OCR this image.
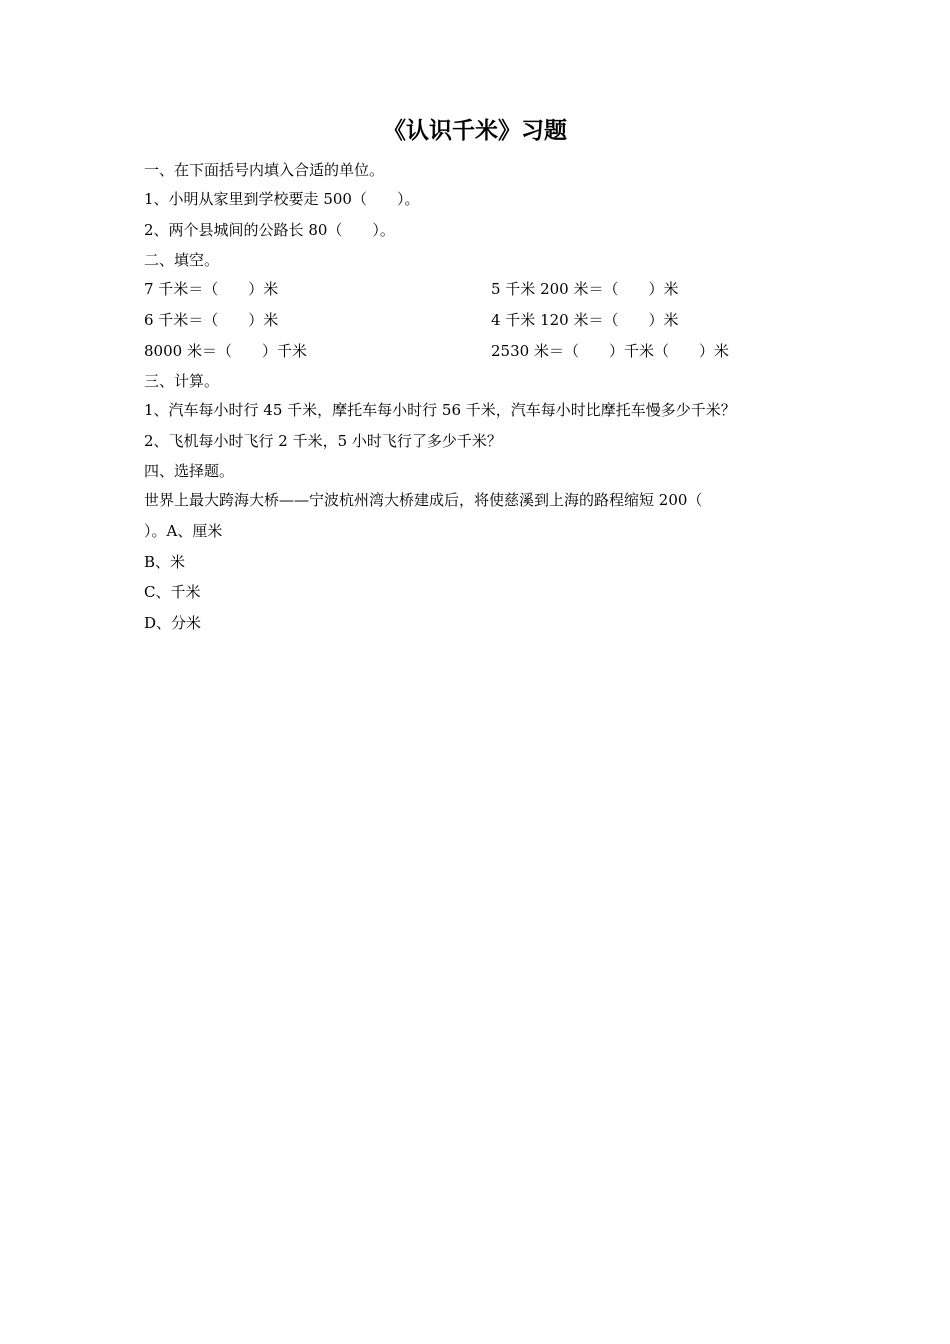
《认识千米》习题
一、在下面括号内填入合适的单位。
1、小明从家里到学校要走 500（　　）。
2、两个县城间的公路长 80（　　）。
二、填空。
7 千米＝（　　）米	5 千米 200 米＝（　　）米
6 千米＝（　　）米	4 千米 120 米＝（　　）米
8000 米＝（　　）千米	2530 米＝（　　）千米（　　）米
三、计算。
1、汽车每小时行 45 千米，摩托车每小时行 56 千米，汽车每小时比摩托车慢多少千米？
2、飞机每小时飞行 2 千米，5 小时飞行了多少千米？
四、选择题。
世界上最大跨海大桥——宁波杭州湾大桥建成后，将使慈溪到上海的路程缩短 200（
）。A、厘米
B、米
C、千米
D、分米
